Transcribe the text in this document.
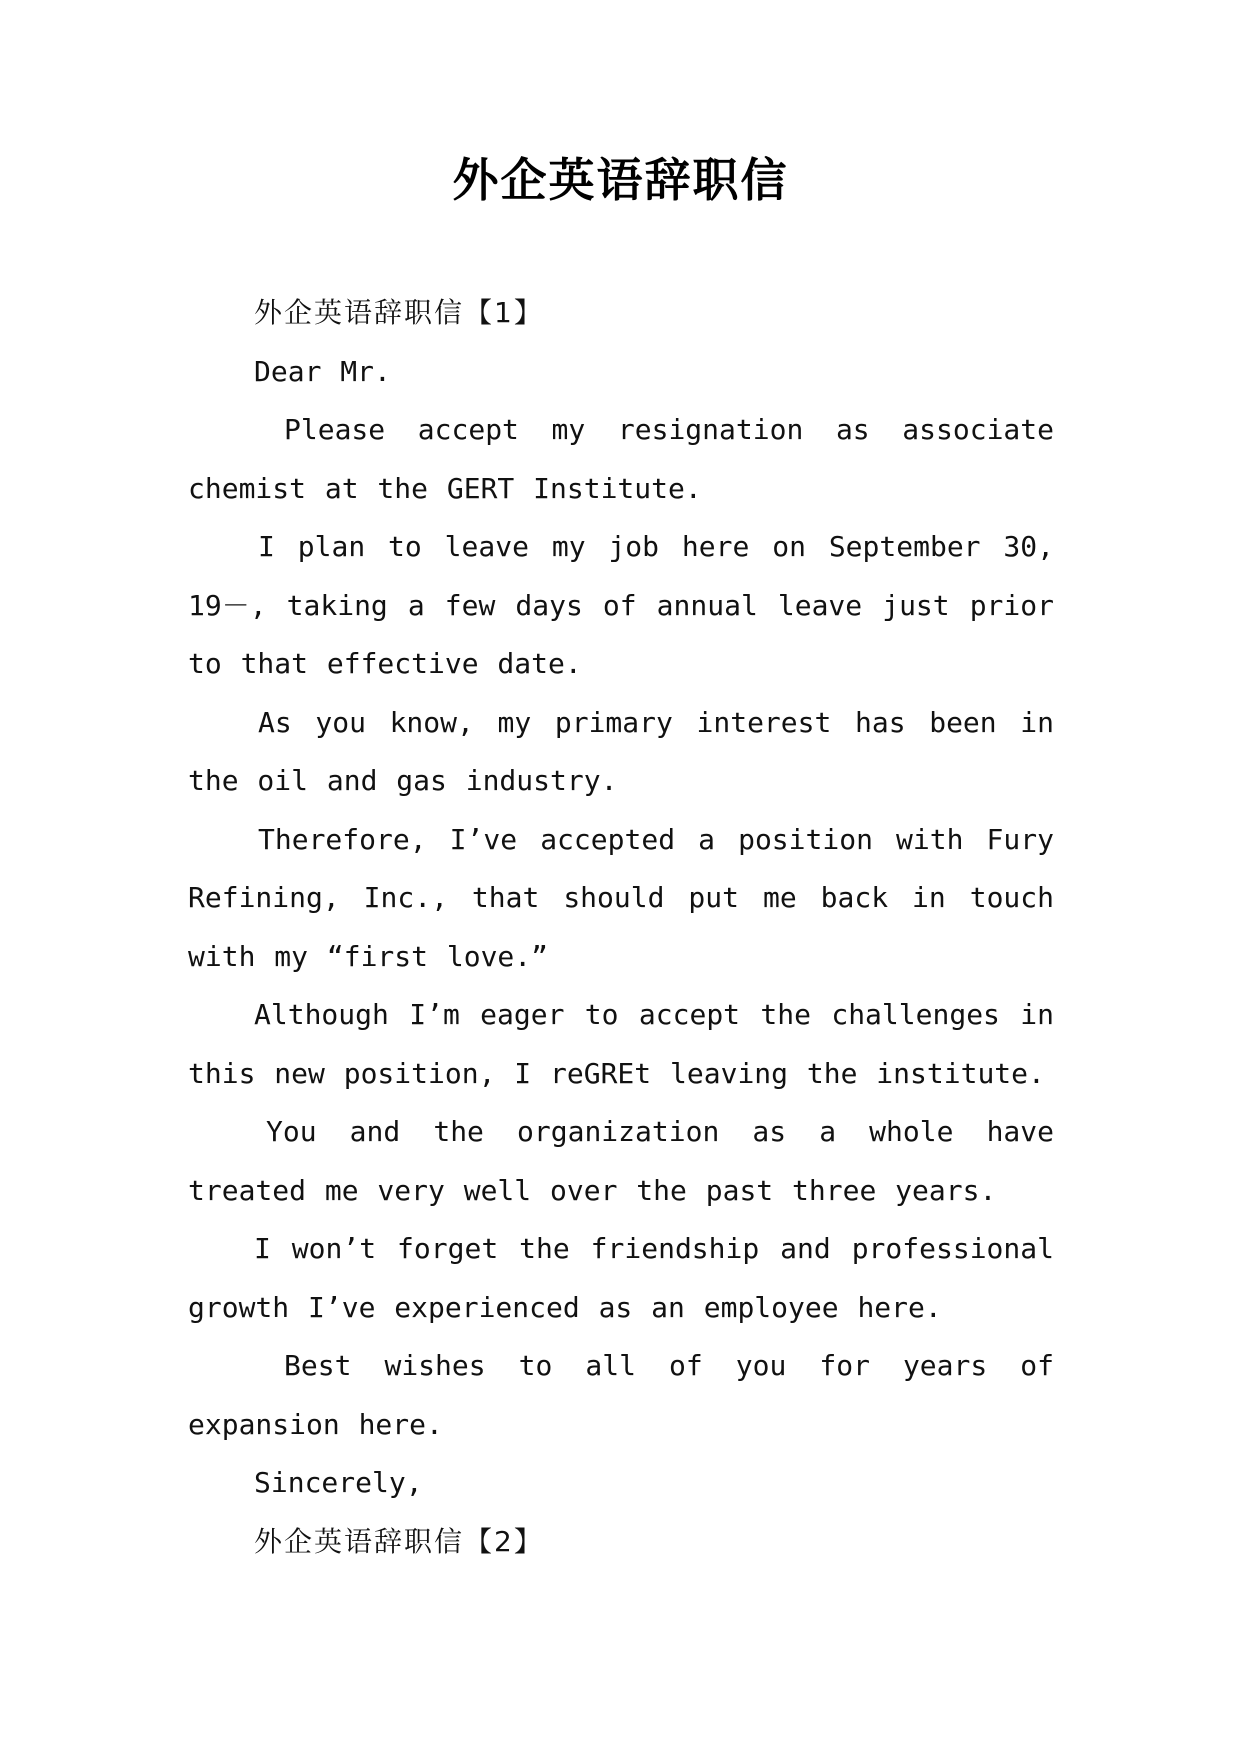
外企英语辞职信

外企英语辞职信【1】

Dear Mr.

Please accept my resignation as associate chemist at the GERT Institute.

I plan to leave my job here on September 30, 19－, taking a few days of annual leave just prior to that effective date.

As you know, my primary interest has been in the oil and gas industry.

Therefore, I’ve accepted a position with Fury Refining, Inc., that should put me back in touch with my “first love.”

Although I’m eager to accept the challenges in this new position, I reGREt leaving the institute.

You and the organization as a whole have treated me very well over the past three years.

I won’t forget the friendship and professional growth I’ve experienced as an employee here.

Best wishes to all of you for years of expansion here.

Sincerely,

外企英语辞职信【2】
